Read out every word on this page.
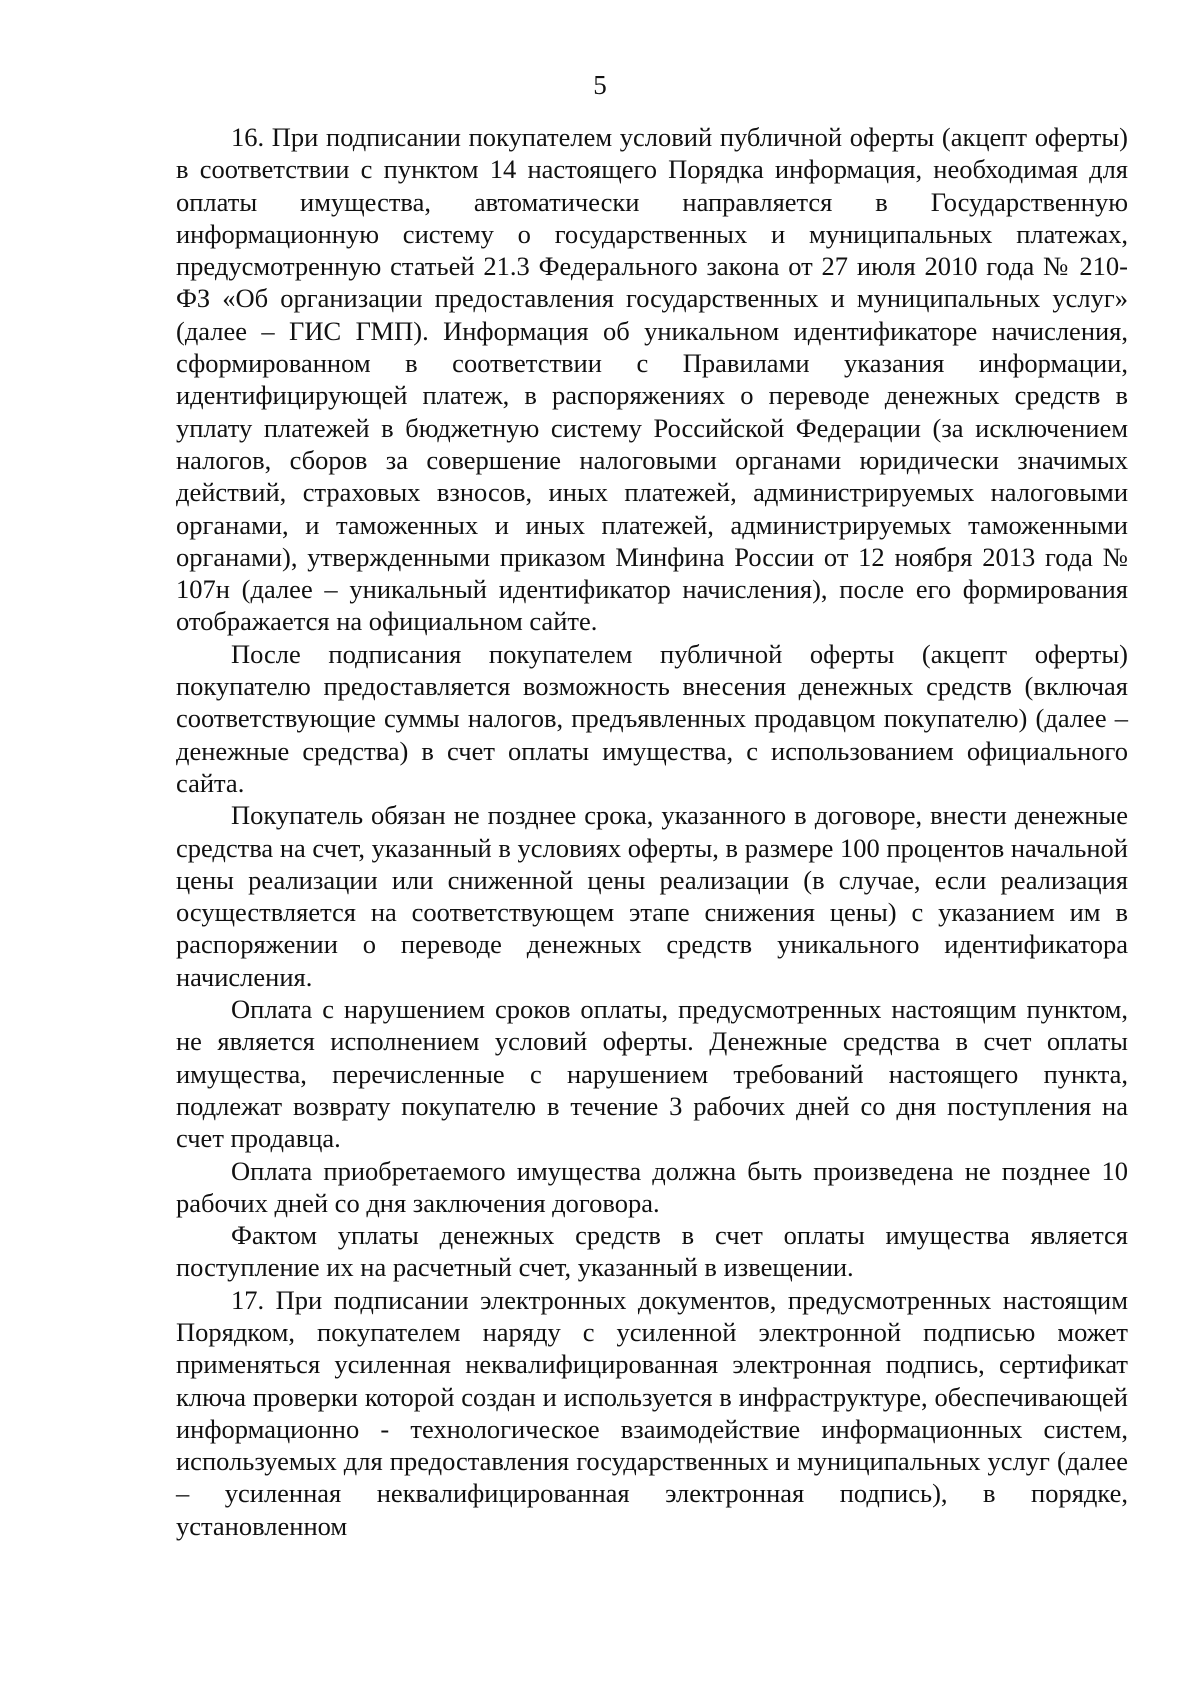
5

16. При подписании покупателем условий публичной оферты (акцепт оферты) в соответствии с пунктом 14 настоящего Порядка информация, необходимая для оплаты имущества, автоматически направляется в Государственную информационную систему о государственных и муниципальных платежах, предусмотренную статьей 21.3 Федерального закона от 27 июля 2010 года № 210-ФЗ «Об организации предоставления государственных и муниципальных услуг» (далее – ГИС ГМП). Информация об уникальном идентификаторе начисления, сформированном в соответствии с Правилами указания информации, идентифицирующей платеж, в распоряжениях о переводе денежных средств в уплату платежей в бюджетную систему Российской Федерации (за исключением налогов, сборов за совершение налоговыми органами юридически значимых действий, страховых взносов, иных платежей, администрируемых налоговыми органами, и таможенных и иных платежей, администрируемых таможенными органами), утвержденными приказом Минфина России от 12 ноября 2013 года № 107н (далее – уникальный идентификатор начисления), после его формирования отображается на официальном сайте.

После подписания покупателем публичной оферты (акцепт оферты) покупателю предоставляется возможность внесения денежных средств (включая соответствующие суммы налогов, предъявленных продавцом покупателю) (далее – денежные средства) в счет оплаты имущества, с использованием официального сайта.

Покупатель обязан не позднее срока, указанного в договоре, внести денежные средства на счет, указанный в условиях оферты, в размере 100 процентов начальной цены реализации или сниженной цены реализации (в случае, если реализация осуществляется на соответствующем этапе снижения цены) с указанием им в распоряжении о переводе денежных средств уникального идентификатора начисления.

Оплата с нарушением сроков оплаты, предусмотренных настоящим пунктом, не является исполнением условий оферты. Денежные средства в счет оплаты имущества, перечисленные с нарушением требований настоящего пункта, подлежат возврату покупателю в течение 3 рабочих дней со дня поступления на счет продавца.

Оплата приобретаемого имущества должна быть произведена не позднее 10 рабочих дней со дня заключения договора.

Фактом уплаты денежных средств в счет оплаты имущества является поступление их на расчетный счет, указанный в извещении.

17. При подписании электронных документов, предусмотренных настоящим Порядком, покупателем наряду с усиленной электронной подписью может применяться усиленная неквалифицированная электронная подпись, сертификат ключа проверки которой создан и используется в инфраструктуре, обеспечивающей информационно - технологическое взаимодействие информационных систем, используемых для предоставления государственных и муниципальных услуг (далее – усиленная неквалифицированная электронная подпись), в порядке, установленном
